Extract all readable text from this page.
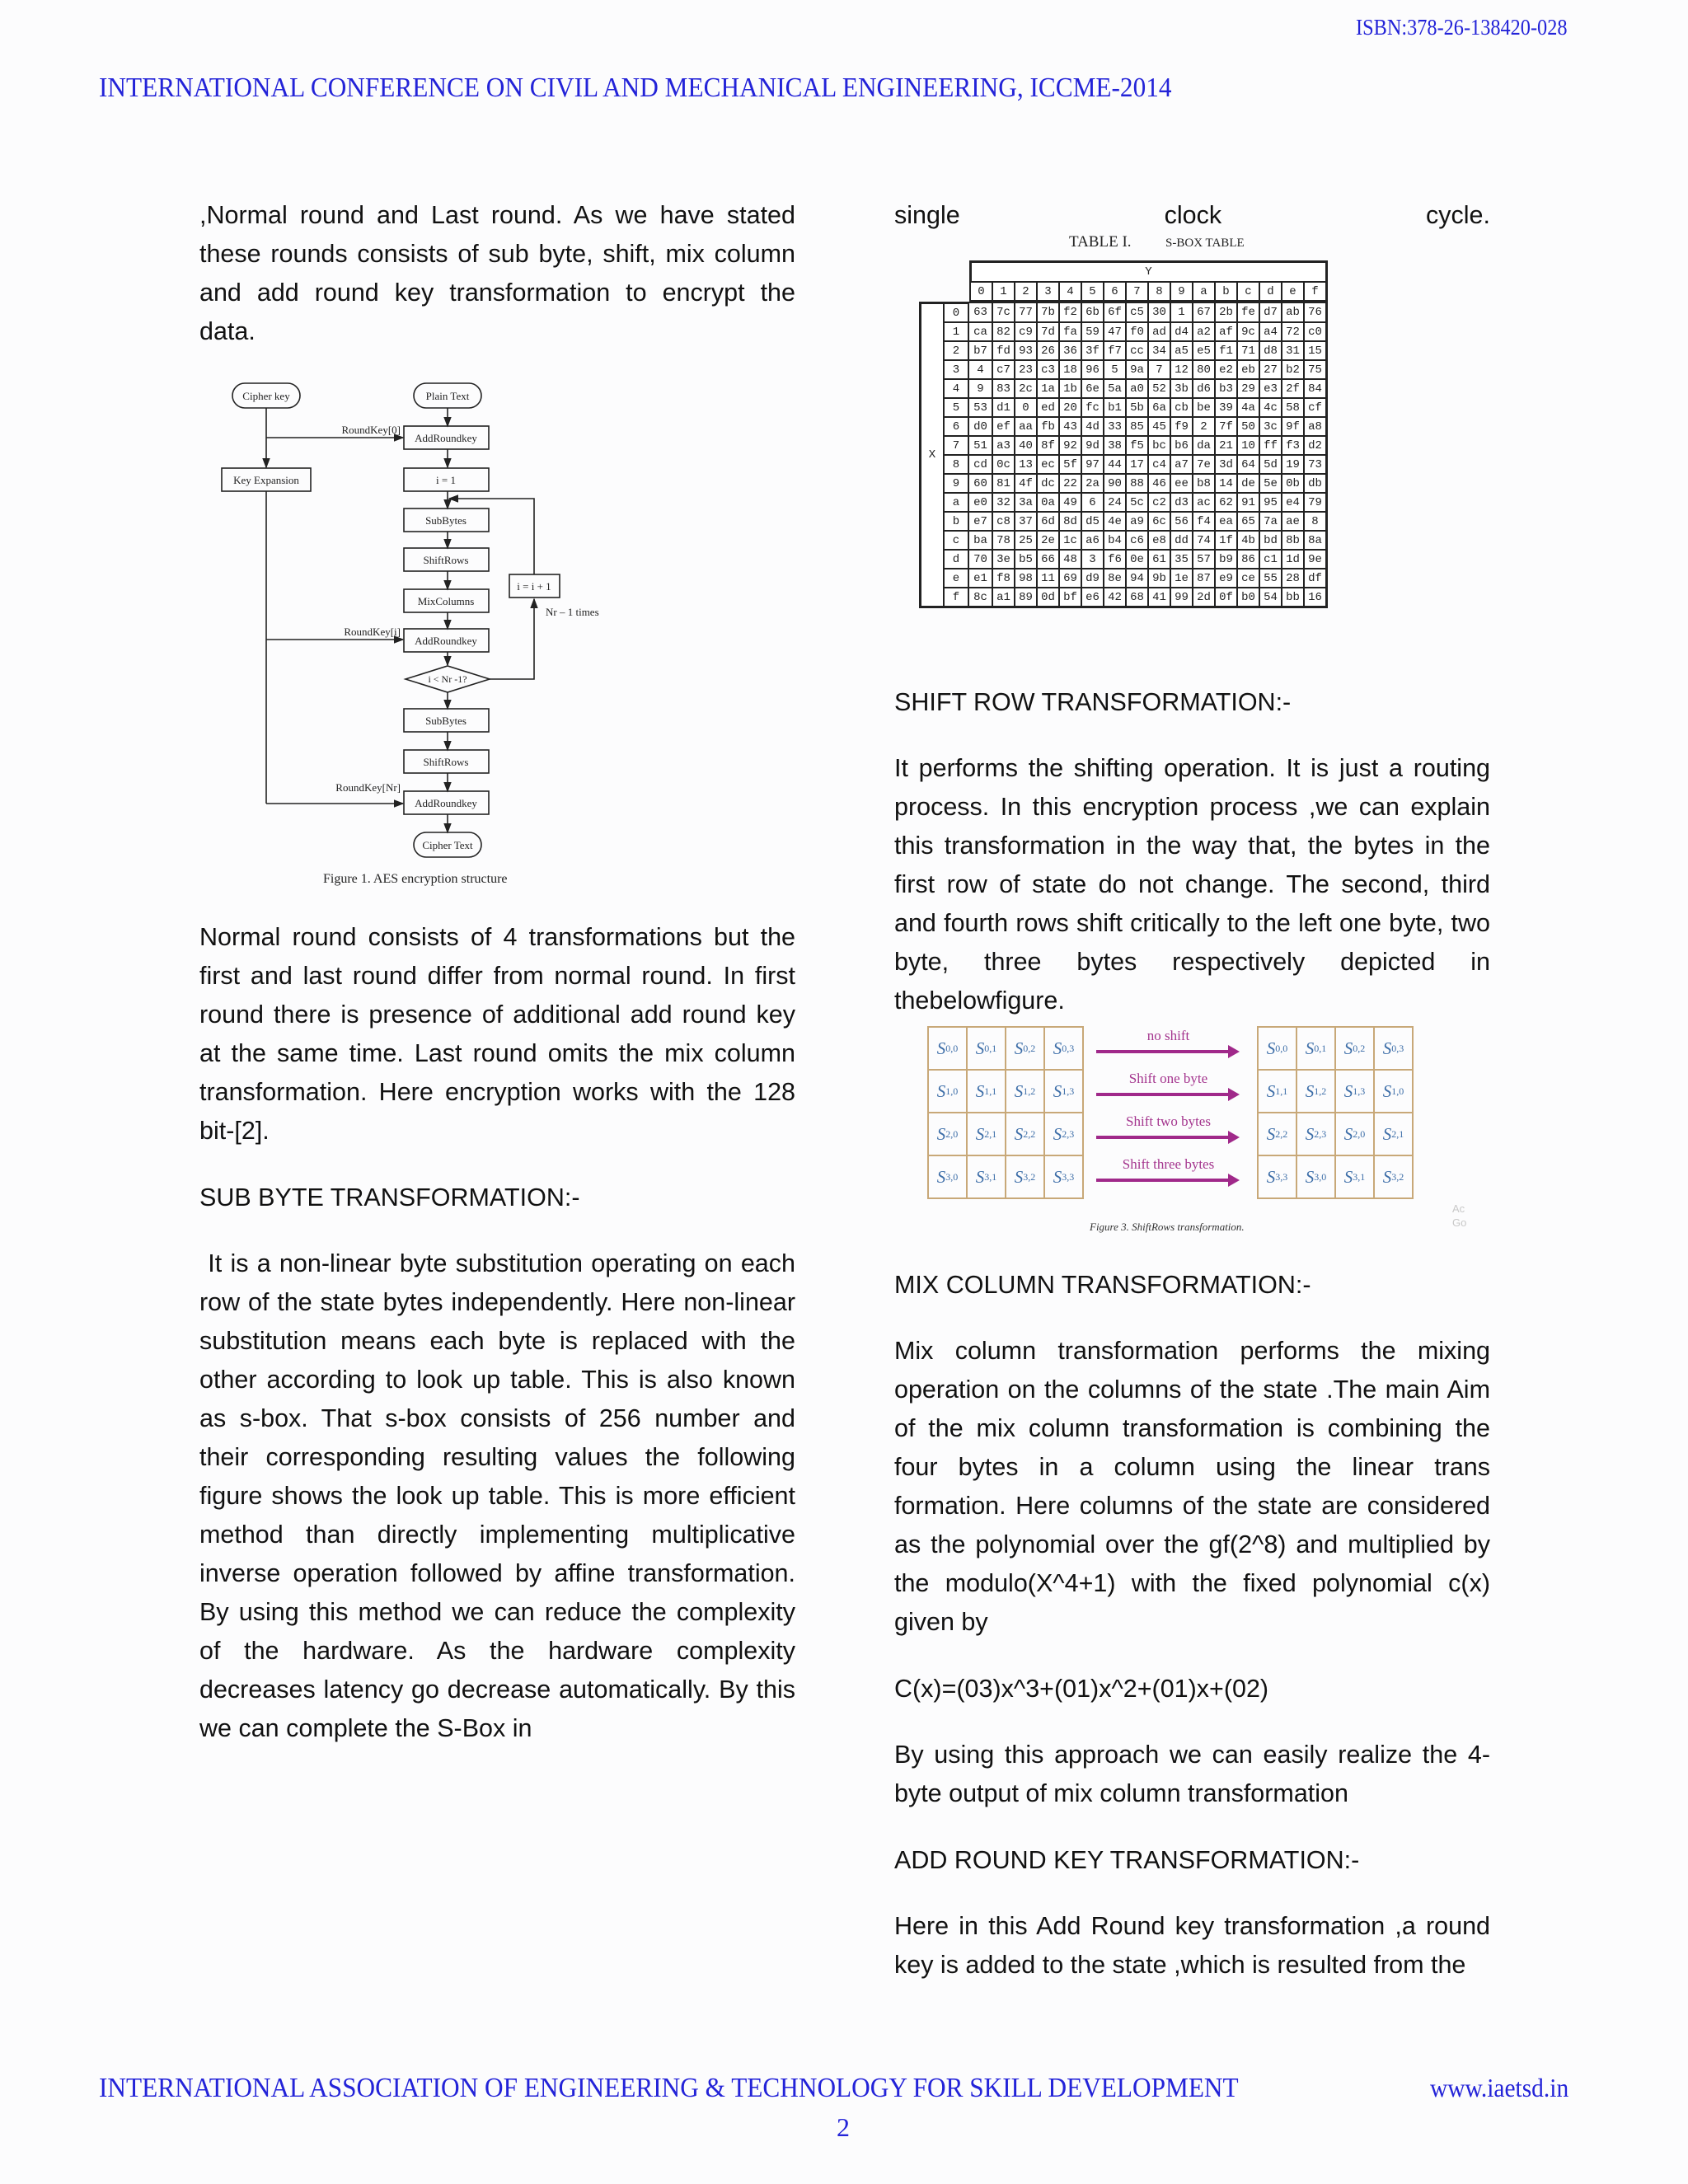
ISBN:378-26-138420-028
INTERNATIONAL CONFERENCE ON CIVIL AND MECHANICAL ENGINEERING, ICCME-2014

,Normal round and Last round. As we have stated these rounds consists of sub byte, shift, mix column and add round key transformation to encrypt the data.

Cipher key	Plain Text
AddRoundkey
Key Expansion	i = 1
SubBytes
ShiftRows
i = i + 1
MixColumns
AddRoundkey
i < Nr -1?
SubBytes
ShiftRows
AddRoundkey
Cipher Text
RoundKey[0]
RoundKey[i]
RoundKey[Nr]
Nr – 1 times
Figure 1. AES encryption structure

Normal round consists of 4 transformations but the first and last round differ from normal round. In first round there is presence of additional add round key at the same time. Last round omits the mix column transformation. Here encryption works with the 128 bit-[2].

SUB BYTE TRANSFORMATION:-

It is a non-linear byte substitution operating on each row of the state bytes independently. Here non-linear substitution means each byte is replaced with the other according to look up table. This is also known as s-box. That s-box consists of 256 number and their corresponding resulting values the following figure shows the look up table. This is more efficient method than directly implementing multiplicative inverse operation followed by affine transformation. By using this method we can reduce the complexity of the hardware. As the hardware complexity decreases latency go decrease automatically. By this we can complete the S-Box in

single	clock	cycle.
TABLE I.	S-BOX TABLE
		Y															
		0	1	2	3	4	5	6	7	8	9	a	b	c	d	e	f
X	0	63	7c	77	7b	f2	6b	6f	c5	30	1	67	2b	fe	d7	ab	76
	1	ca	82	c9	7d	fa	59	47	f0	ad	d4	a2	af	9c	a4	72	c0
	2	b7	fd	93	26	36	3f	f7	cc	34	a5	e5	f1	71	d8	31	15
	3	4	c7	23	c3	18	96	5	9a	7	12	80	e2	eb	27	b2	75
	4	9	83	2c	1a	1b	6e	5a	a0	52	3b	d6	b3	29	e3	2f	84
	5	53	d1	0	ed	20	fc	b1	5b	6a	cb	be	39	4a	4c	58	cf
	6	d0	ef	aa	fb	43	4d	33	85	45	f9	2	7f	50	3c	9f	a8
	7	51	a3	40	8f	92	9d	38	f5	bc	b6	da	21	10	ff	f3	d2
	8	cd	0c	13	ec	5f	97	44	17	c4	a7	7e	3d	64	5d	19	73
	9	60	81	4f	dc	22	2a	90	88	46	ee	b8	14	de	5e	0b	db
	a	e0	32	3a	0a	49	6	24	5c	c2	d3	ac	62	91	95	e4	79
	b	e7	c8	37	6d	8d	d5	4e	a9	6c	56	f4	ea	65	7a	ae	8
	c	ba	78	25	2e	1c	a6	b4	c6	e8	dd	74	1f	4b	bd	8b	8a
	d	70	3e	b5	66	48	3	f6	0e	61	35	57	b9	86	c1	1d	9e
	e	e1	f8	98	11	69	d9	8e	94	9b	1e	87	e9	ce	55	28	df
	f	8c	a1	89	0d	bf	e6	42	68	41	99	2d	0f	b0	54	bb	16
SHIFT ROW TRANSFORMATION:-

It performs the shifting operation. It is just a routing process. In this encryption process ,we can explain this transformation in the way that, the bytes in the first row of state do not change. The second, third and fourth rows shift critically to the left one byte, two byte, three bytes respectively depicted in thebelowfigure.

S 0,0	S 0,1	S 0,2	S 0,3
S 1,0	S 1,1	S 1,2	S 1,3
S 2,0	S 2,1	S 2,2	S 2,3
S 3,0	S 3,1	S 3,2	S 3,3
no shift
Shift one byte
Shift two bytes
Shift three bytes
S 0,0	S 0,1	S 0,2	S 0,3
S 1,1	S 1,2	S 1,3	S 1,0
S 2,2	S 2,3	S 2,0	S 2,1
S 3,3	S 3,0	S 3,1	S 3,2
Figure 3. ShiftRows transformation.
Ac
Go
MIX COLUMN TRANSFORMATION:-

Mix column transformation performs the mixing operation on the columns of the state .The main Aim of the mix column transformation is combining the four bytes in a column using the linear trans formation. Here columns of the state are considered as the polynomial over the gf(2^8) and multiplied by the modulo(X^4+1) with the fixed polynomial c(x) given by

C(x)=(03)x^3+(01)x^2+(01)x+(02)

By using this approach we can easily realize the 4-byte output of mix column transformation

ADD ROUND KEY TRANSFORMATION:-

Here in this Add Round key transformation ,a round key is added to the state ,which is resulted from the

INTERNATIONAL ASSOCIATION OF ENGINEERING & TECHNOLOGY FOR SKILL DEVELOPMENT	www.iaetsd.in
2
